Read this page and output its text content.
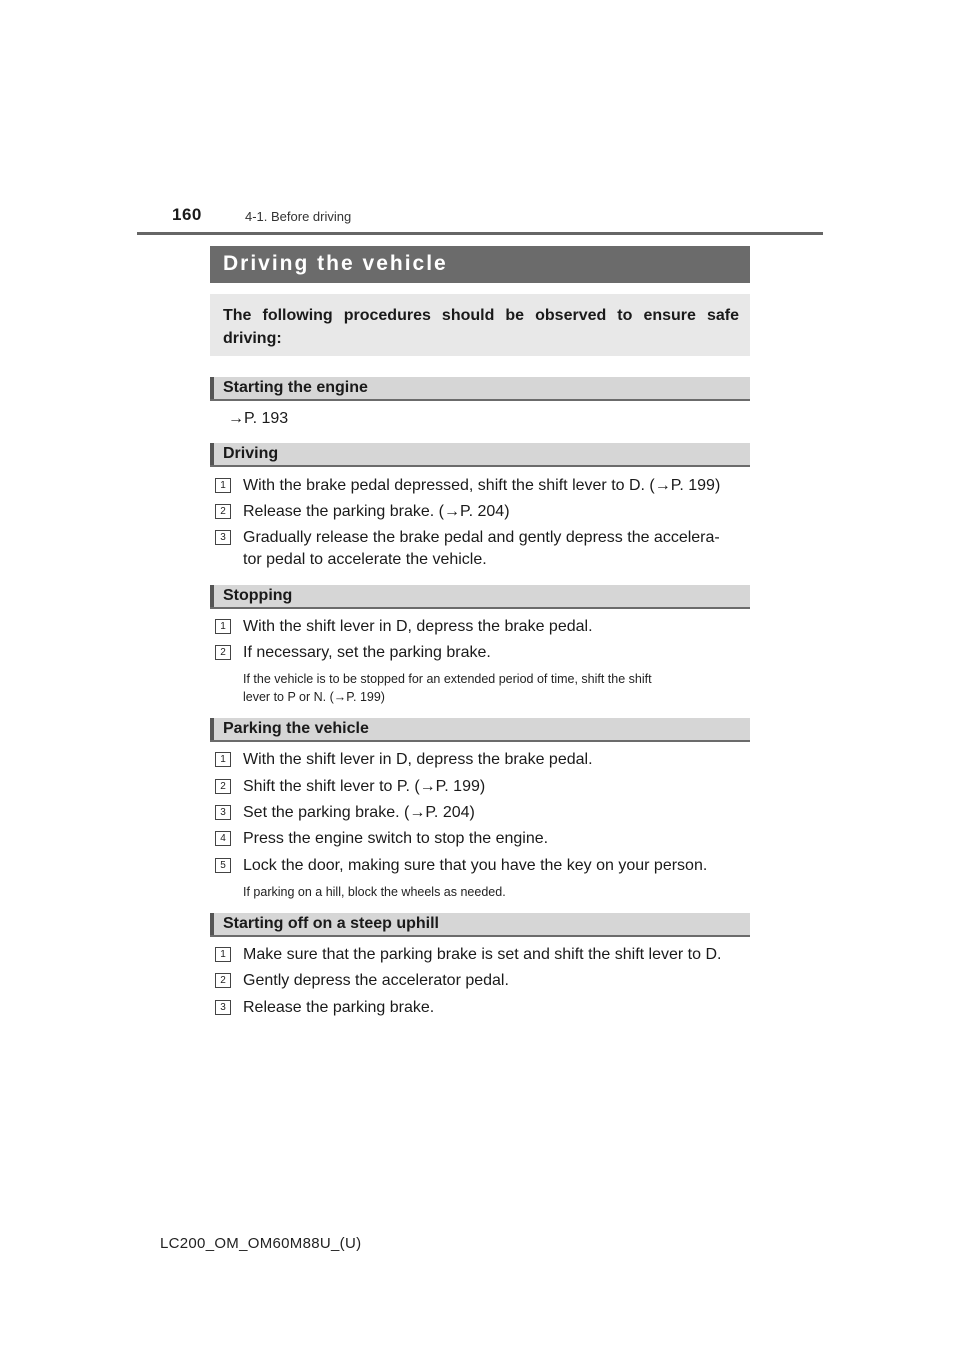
160	4-1. Before driving
Driving the vehicle
The following procedures should be observed to ensure safe driving:
Starting the engine
→P. 193
Driving
1	With the brake pedal depressed, shift the shift lever to D. (→P. 199)
2	Release the parking brake. (→P. 204)
3	Gradually release the brake pedal and gently depress the accelera-
tor pedal to accelerate the vehicle.
Stopping
1	With the shift lever in D, depress the brake pedal.
2	If necessary, set the parking brake.
If the vehicle is to be stopped for an extended period of time, shift the shift
lever to P or N. (→P. 199)
Parking the vehicle
1	With the shift lever in D, depress the brake pedal.
2	Shift the shift lever to P. (→P. 199)
3	Set the parking brake. (→P. 204)
4	Press the engine switch to stop the engine.
5	Lock the door, making sure that you have the key on your person.
If parking on a hill, block the wheels as needed.
Starting off on a steep uphill
1	Make sure that the parking brake is set and shift the shift lever to D.
2	Gently depress the accelerator pedal.
3	Release the parking brake.
LC200_OM_OM60M88U_(U)
